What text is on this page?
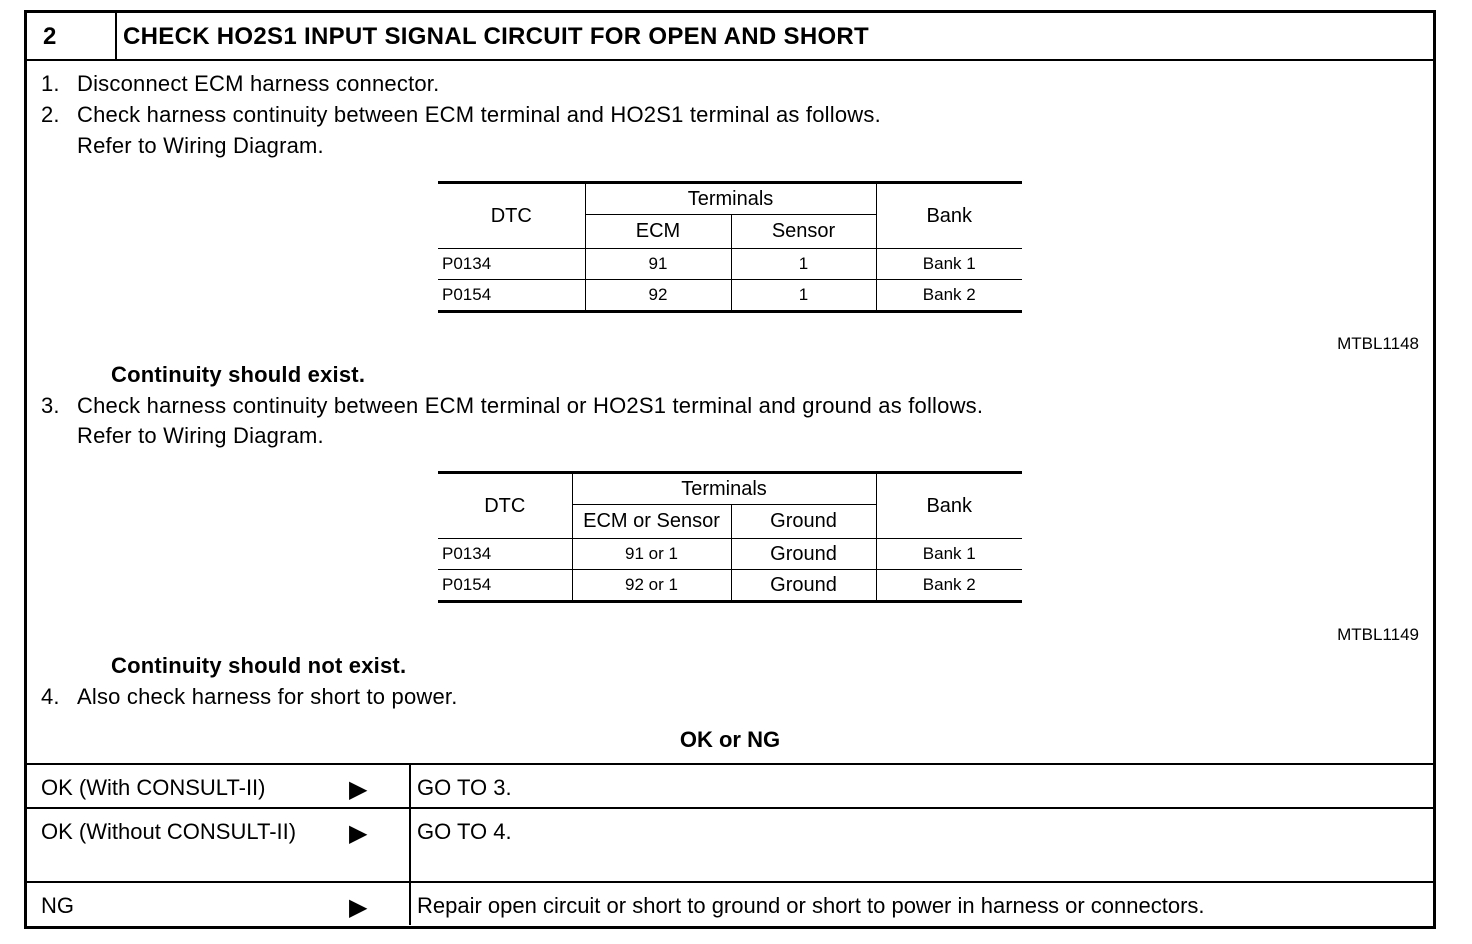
2	CHECK HO2S1 INPUT SIGNAL CIRCUIT FOR OPEN AND SHORT
1. Disconnect ECM harness connector.
2. Check harness continuity between ECM terminal and HO2S1 terminal as follows.
Refer to Wiring Diagram.
DTC	Terminals		Bank
	ECM	Sensor	
P0134	91	1	Bank 1
P0154	92	1	Bank 2
MTBL1148
Continuity should exist.
3. Check harness continuity between ECM terminal or HO2S1 terminal and ground as follows.
Refer to Wiring Diagram.
DTC	Terminals		Bank
	ECM or Sensor	Ground	
P0134	91 or 1	Ground	Bank 1
P0154	92 or 1	Ground	Bank 2
MTBL1149
Continuity should not exist.
4. Also check harness for short to power.
OK or NG
OK (With CONSULT-II)	▶ GO TO 3.
OK (Without CONSULT-II)	▶ GO TO 4.
NG	▶ Repair open circuit or short to ground or short to power in harness or connectors.
